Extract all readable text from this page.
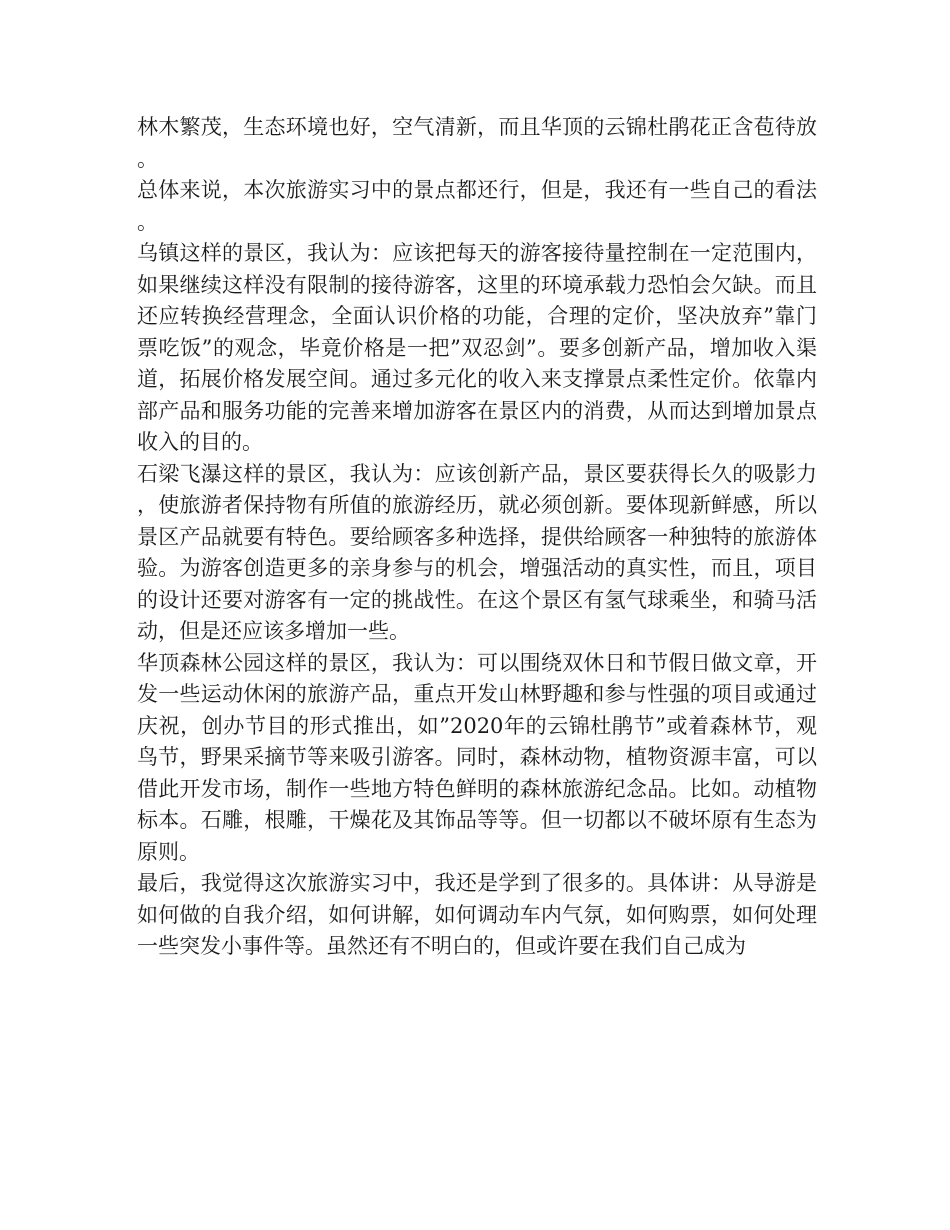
林木繁茂，生态环境也好，空气清新，而且华顶的云锦杜鹃花正含苞待放。

总体来说，本次旅游实习中的景点都还行，但是，我还有一些自己的看法。

乌镇这样的景区，我认为：应该把每天的游客接待量控制在一定范围内，如果继续这样没有限制的接待游客，这里的环境承载力恐怕会欠缺。而且还应转换经营理念，全面认识价格的功能，合理的定价，坚决放弃”靠门票吃饭”的观念，毕竟价格是一把”双忍剑”。要多创新产品，增加收入渠道，拓展价格发展空间。通过多元化的收入来支撑景点柔性定价。依靠内部产品和服务功能的完善来增加游客在景区内的消费，从而达到增加景点收入的目的。

石梁飞瀑这样的景区，我认为：应该创新产品，景区要获得长久的吸影力，使旅游者保持物有所值的旅游经历，就必须创新。要体现新鲜感，所以景区产品就要有特色。要给顾客多种选择，提供给顾客一种独特的旅游体验。为游客创造更多的亲身参与的机会，增强活动的真实性，而且，项目的设计还要对游客有一定的挑战性。在这个景区有氢气球乘坐，和骑马活动，但是还应该多增加一些。

华顶森林公园这样的景区，我认为：可以围绕双休日和节假日做文章，开发一些运动休闲的旅游产品，重点开发山林野趣和参与性强的项目或通过庆祝，创办节目的形式推出，如”2020年的云锦杜鹃节”或着森林节，观鸟节，野果采摘节等来吸引游客。同时，森林动物，植物资源丰富，可以借此开发市场，制作一些地方特色鲜明的森林旅游纪念品。比如。动植物标本。石雕，根雕，干燥花及其饰品等等。但一切都以不破坏原有生态为原则。

最后，我觉得这次旅游实习中，我还是学到了很多的。具体讲：从导游是如何做的自我介绍，如何讲解，如何调动车内气氛，如何购票，如何处理一些突发小事件等。虽然还有不明白的，但或许要在我们自己成为
